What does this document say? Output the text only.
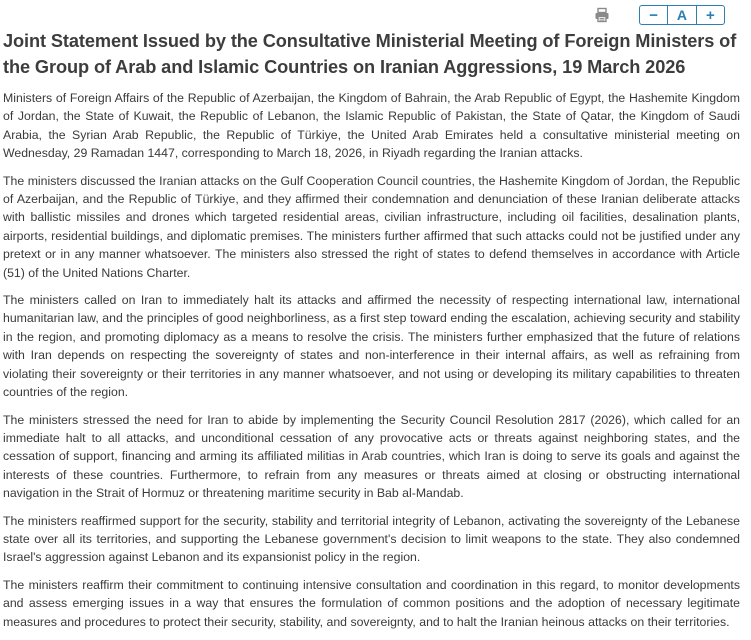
−	A	+
Joint Statement Issued by the Consultative Ministerial Meeting of Foreign Ministers of the Group of Arab and Islamic Countries on Iranian Aggressions, 19 March 2026

Ministers of Foreign Affairs of the Republic of Azerbaijan, the Kingdom of Bahrain, the Arab Republic of Egypt, the Hashemite Kingdom of Jordan, the State of Kuwait, the Republic of Lebanon, the Islamic Republic of Pakistan, the State of Qatar, the Kingdom of Saudi Arabia, the Syrian Arab Republic, the Republic of Türkiye, the United Arab Emirates held a consultative ministerial meeting on Wednesday, 29 Ramadan 1447, corresponding to March 18, 2026, in Riyadh regarding the Iranian attacks.

The ministers discussed the Iranian attacks on the Gulf Cooperation Council countries, the Hashemite Kingdom of Jordan, the Republic of Azerbaijan, and the Republic of Türkiye, and they affirmed their condemnation and denunciation of these Iranian deliberate attacks with ballistic missiles and drones which targeted residential areas, civilian infrastructure, including oil facilities, desalination plants, airports, residential buildings, and diplomatic premises. The ministers further affirmed that such attacks could not be justified under any pretext or in any manner whatsoever. The ministers also stressed the right of states to defend themselves in accordance with Article (51) of the United Nations Charter.

The ministers called on Iran to immediately halt its attacks and affirmed the necessity of respecting international law, international humanitarian law, and the principles of good neighborliness, as a first step toward ending the escalation, achieving security and stability in the region, and promoting diplomacy as a means to resolve the crisis. The ministers further emphasized that the future of relations with Iran depends on respecting the sovereignty of states and non-interference in their internal affairs, as well as refraining from violating their sovereignty or their territories in any manner whatsoever, and not using or developing its military capabilities to threaten countries of the region.

The ministers stressed the need for Iran to abide by implementing the Security Council Resolution 2817 (2026), which called for an immediate halt to all attacks, and unconditional cessation of any provocative acts or threats against neighboring states, and the cessation of support, financing and arming its affiliated militias in Arab countries, which Iran is doing to serve its goals and against the interests of these countries. Furthermore, to refrain from any measures or threats aimed at closing or obstructing international navigation in the Strait of Hormuz or threatening maritime security in Bab al-Mandab.

The ministers reaffirmed support for the security, stability and territorial integrity of Lebanon, activating the sovereignty of the Lebanese state over all its territories, and supporting the Lebanese government's decision to limit weapons to the state. They also condemned Israel's aggression against Lebanon and its expansionist policy in the region.

The ministers reaffirm their commitment to continuing intensive consultation and coordination in this regard, to monitor developments and assess emerging issues in a way that ensures the formulation of common positions and the adoption of necessary legitimate measures and procedures to protect their security, stability, and sovereignty, and to halt the Iranian heinous attacks on their territories.
